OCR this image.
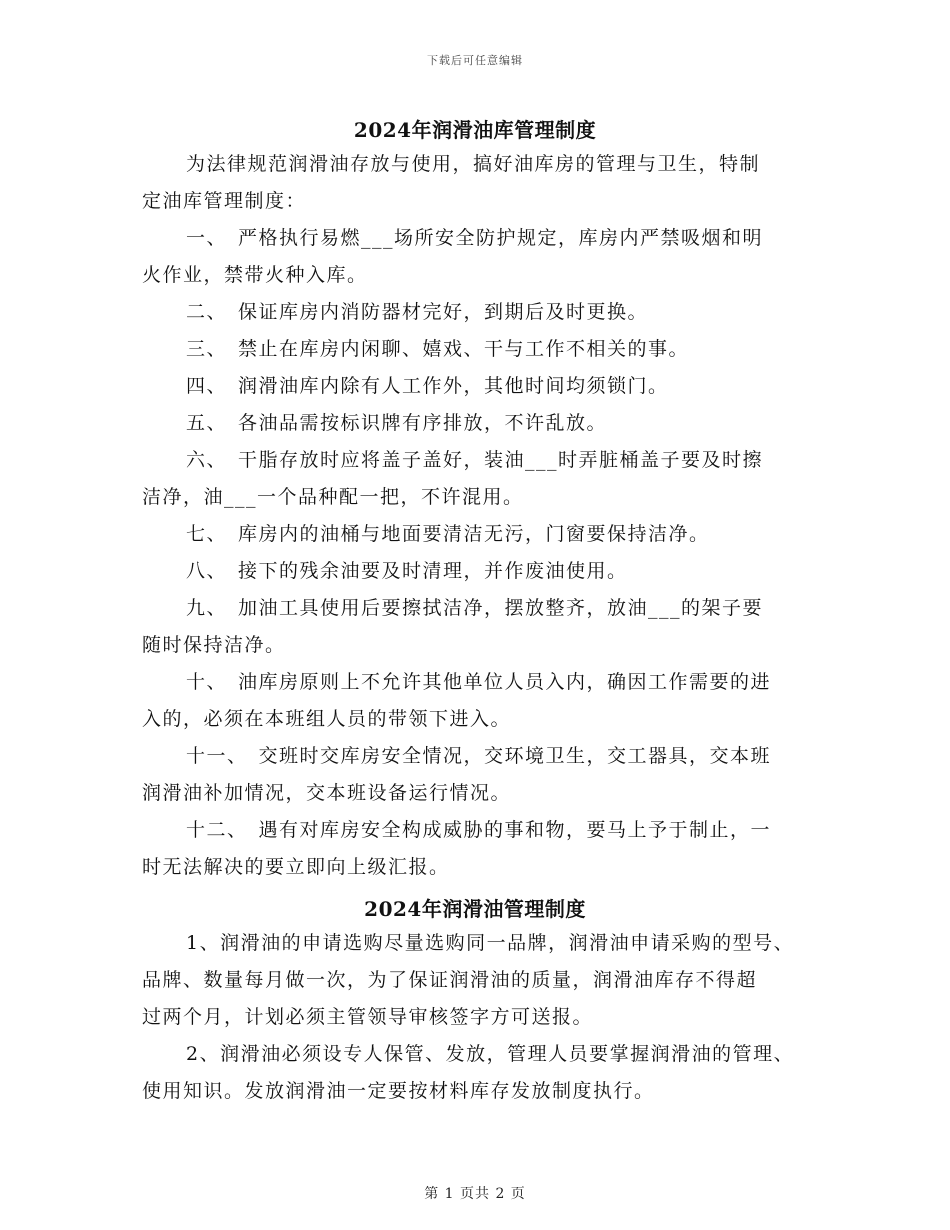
下载后可任意编辑
2024年润滑油库管理制度
为法律规范润滑油存放与使用，搞好油库房的管理与卫生，特制
定油库管理制度：
一、　严格执行易燃___场所安全防护规定，库房内严禁吸烟和明
火作业，禁带火种入库。
二、　保证库房内消防器材完好，到期后及时更换。
三、　禁止在库房内闲聊、嬉戏、干与工作不相关的事。
四、　润滑油库内除有人工作外，其他时间均须锁门。
五、　各油品需按标识牌有序排放，不许乱放。
六、　干脂存放时应将盖子盖好，装油___时弄脏桶盖子要及时擦
洁净，油___一个品种配一把，不许混用。
七、　库房内的油桶与地面要清洁无污，门窗要保持洁净。
八、　接下的残余油要及时清理，并作废油使用。
九、　加油工具使用后要擦拭洁净，摆放整齐，放油___的架子要
随时保持洁净。
十、　油库房原则上不允许其他单位人员入内，确因工作需要的进
入的，必须在本班组人员的带领下进入。
十一、　交班时交库房安全情况，交环境卫生，交工器具，交本班
润滑油补加情况，交本班设备运行情况。
十二、　遇有对库房安全构成威胁的事和物，要马上予于制止，一
时无法解决的要立即向上级汇报。
2024年润滑油管理制度
1、润滑油的申请选购尽量选购同一品牌，润滑油申请采购的型号、
品牌、数量每月做一次，为了保证润滑油的质量，润滑油库存不得超
过两个月，计划必须主管领导审核签字方可送报。
2、润滑油必须设专人保管、发放，管理人员要掌握润滑油的管理、
使用知识。发放润滑油一定要按材料库存发放制度执行。
第 1 页共 2 页
